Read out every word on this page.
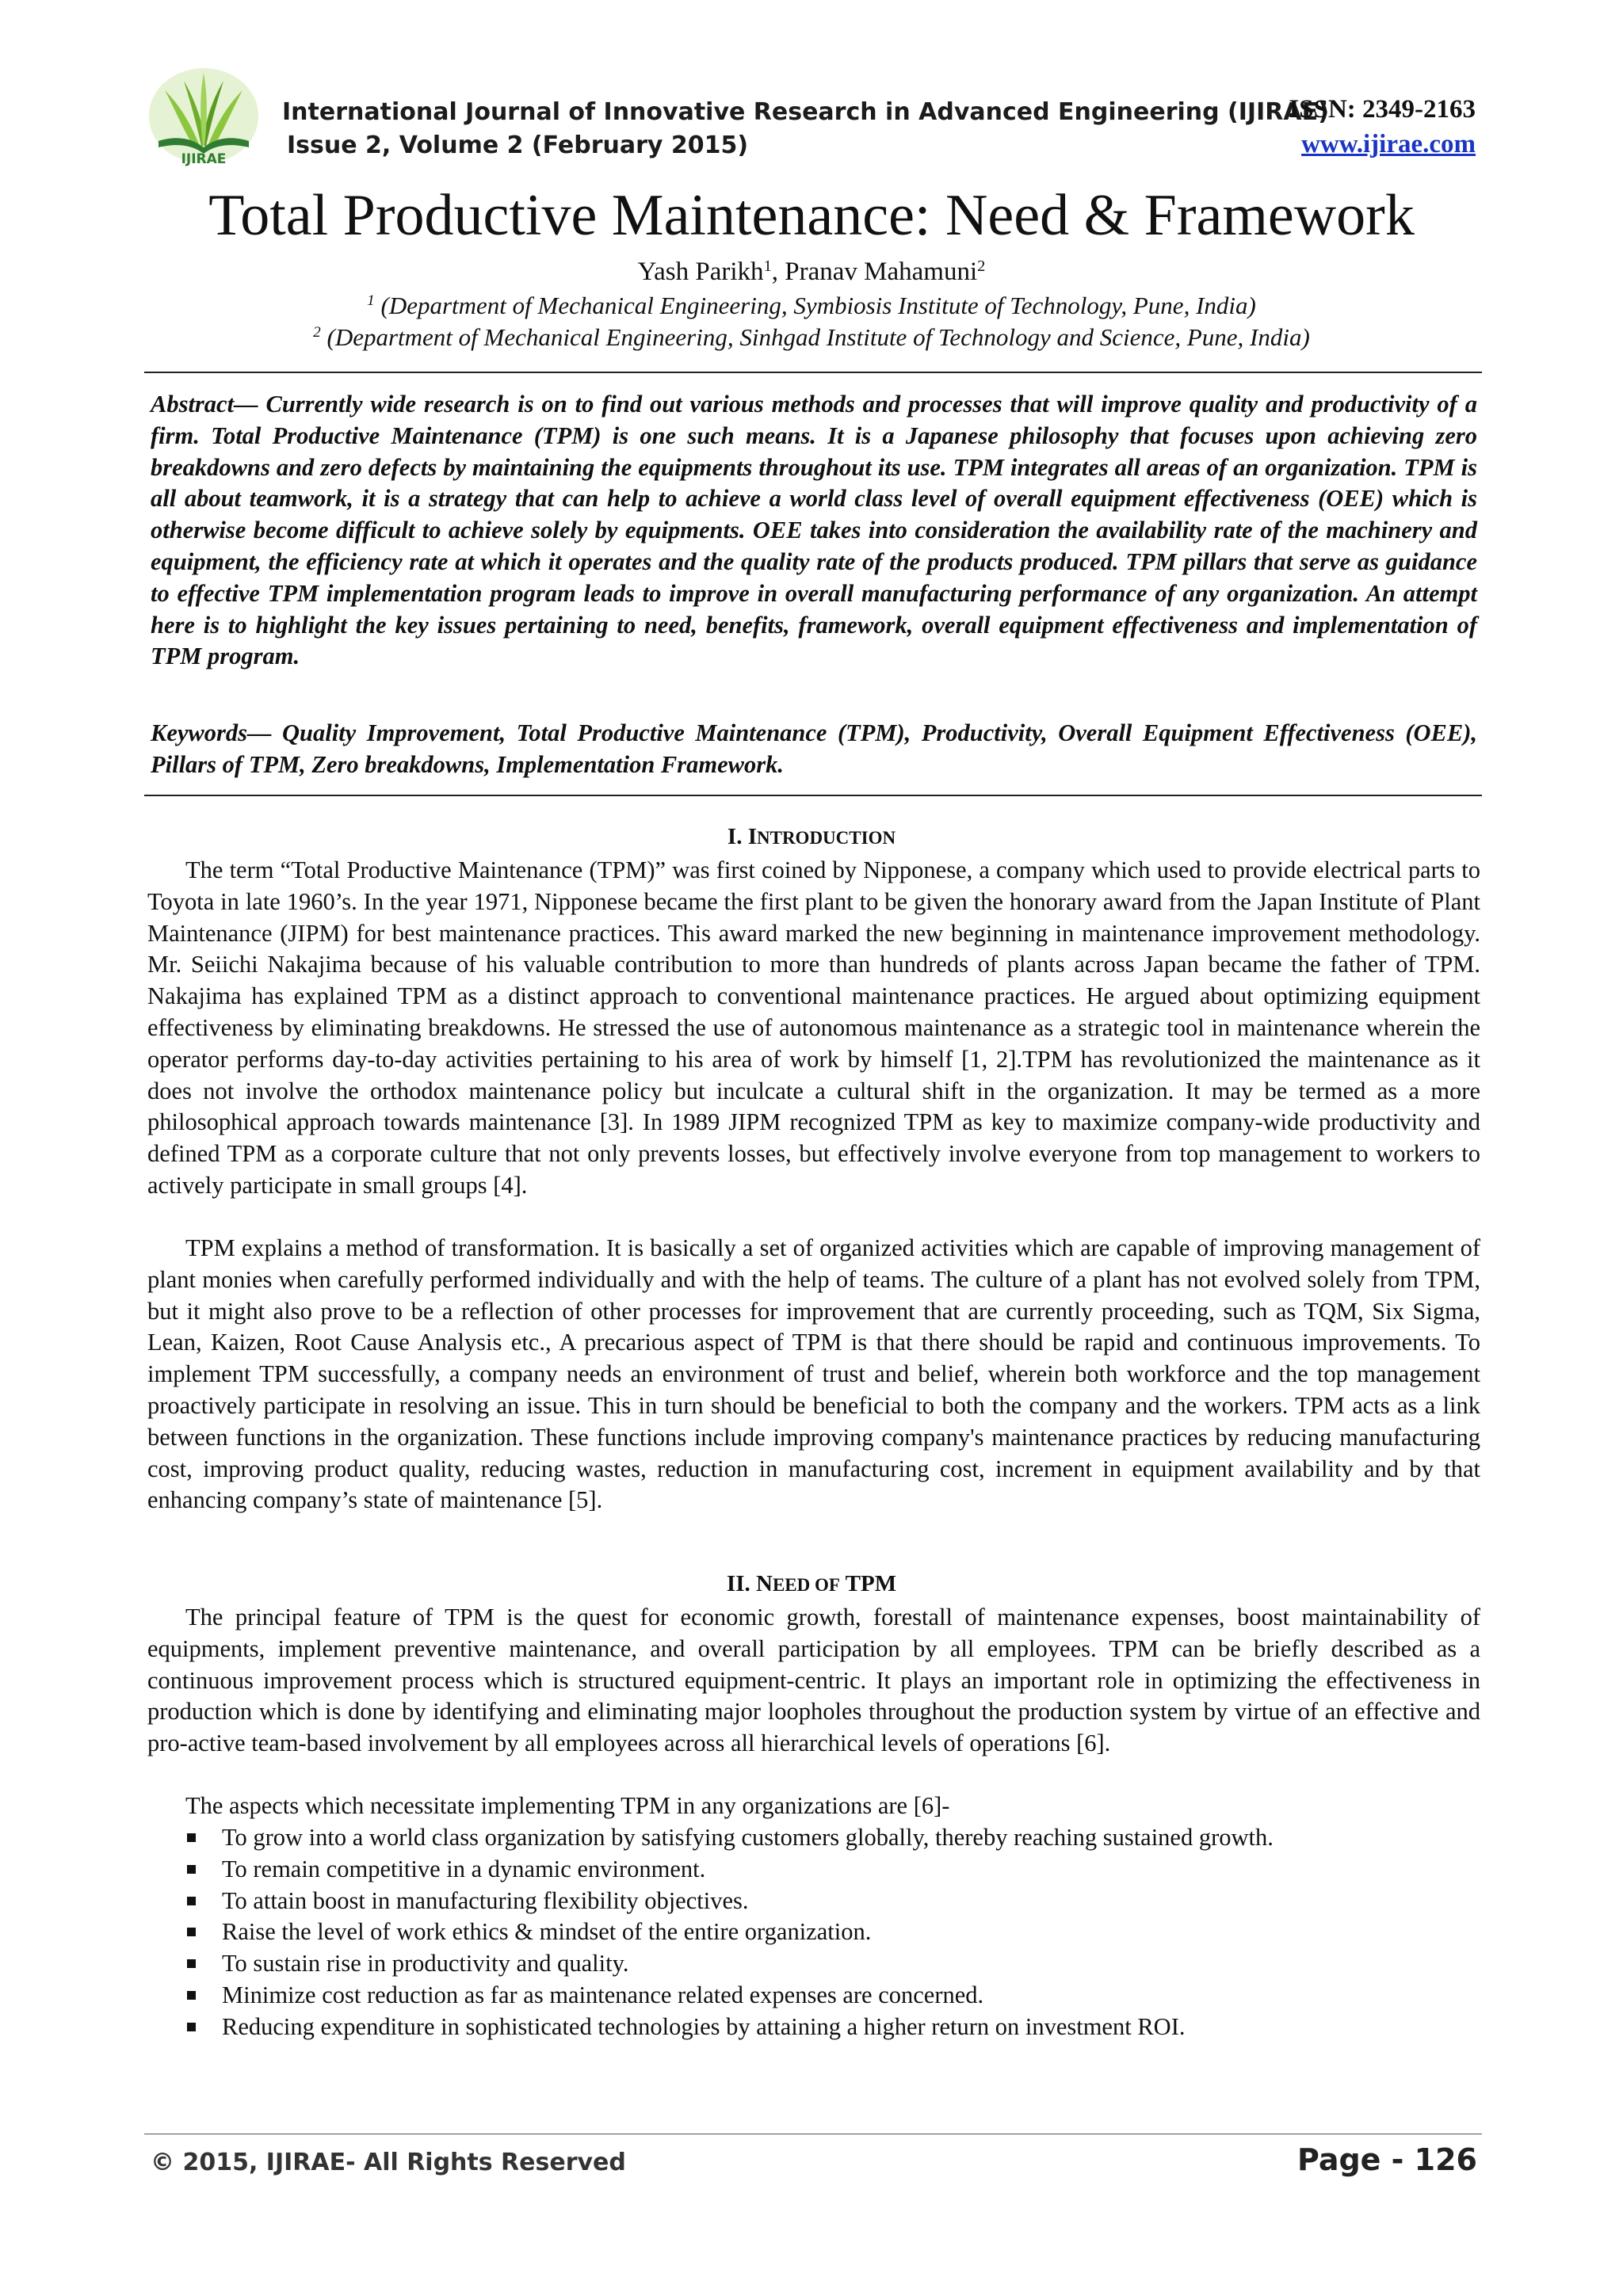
IJIRAE
International Journal of Innovative Research in Advanced Engineering (IJIRAE)
Issue 2, Volume 2 (February 2015)
ISSN: 2349-2163
www.ijirae.com
Total Productive Maintenance: Need & Framework
Yash Parikh$^1$, Pranav Mahamuni$^2$
$^1$ (Department of Mechanical Engineering, Symbiosis Institute of Technology, Pune, India)
$^2$ (Department of Mechanical Engineering, Sinhgad Institute of Technology and Science, Pune, India)
Abstract— Currently wide research is on to find out various methods and processes that will improve quality and productivity of a firm. Total Productive Maintenance (TPM) is one such means. It is a Japanese philosophy that focuses upon achieving zero breakdowns and zero defects by maintaining the equipments throughout its use. TPM integrates all areas of an organization. TPM is all about teamwork, it is a strategy that can help to achieve a world class level of overall equipment effectiveness (OEE) which is otherwise become difficult to achieve solely by equipments. OEE takes into consideration the availability rate of the machinery and equipment, the efficiency rate at which it operates and the quality rate of the products produced. TPM pillars that serve as guidance to effective TPM implementation program leads to improve in overall manufacturing performance of any organization. An attempt here is to highlight the key issues pertaining to need, benefits, framework, overall equipment effectiveness and implementation of TPM program.
Keywords— Quality Improvement, Total Productive Maintenance (TPM), Productivity, Overall Equipment Effectiveness (OEE), Pillars of TPM, Zero breakdowns, Implementation Framework.
I. INTRODUCTION
The term “Total Productive Maintenance (TPM)” was first coined by Nipponese, a company which used to provide electrical parts to Toyota in late 1960’s. In the year 1971, Nipponese became the first plant to be given the honorary award from the Japan Institute of Plant Maintenance (JIPM) for best maintenance practices. This award marked the new beginning in maintenance improvement methodology. Mr. Seiichi Nakajima because of his valuable contribution to more than hundreds of plants across Japan became the father of TPM. Nakajima has explained TPM as a distinct approach to conventional maintenance practices. He argued about optimizing equipment effectiveness by eliminating breakdowns. He stressed the use of autonomous maintenance as a strategic tool in maintenance wherein the operator performs day-to-day activities pertaining to his area of work by himself [1, 2].TPM has revolutionized the maintenance as it does not involve the orthodox maintenance policy but inculcate a cultural shift in the organization. It may be termed as a more philosophical approach towards maintenance [3]. In 1989 JIPM recognized TPM as key to maximize company-wide productivity and defined TPM as a corporate culture that not only prevents losses, but effectively involve everyone from top management to workers to actively participate in small groups [4].
TPM explains a method of transformation. It is basically a set of organized activities which are capable of improving management of plant monies when carefully performed individually and with the help of teams. The culture of a plant has not evolved solely from TPM, but it might also prove to be a reflection of other processes for improvement that are currently proceeding, such as TQM, Six Sigma, Lean, Kaizen, Root Cause Analysis etc., A precarious aspect of TPM is that there should be rapid and continuous improvements. To implement TPM successfully, a company needs an environment of trust and belief, wherein both workforce and the top management proactively participate in resolving an issue. This in turn should be beneficial to both the company and the workers. TPM acts as a link between functions in the organization. These functions include improving company's maintenance practices by reducing manufacturing cost, improving product quality, reducing wastes, reduction in manufacturing cost, increment in equipment availability and by that enhancing company’s state of maintenance [5].
II. NEED OF TPM
The principal feature of TPM is the quest for economic growth, forestall of maintenance expenses, boost maintainability of equipments, implement preventive maintenance, and overall participation by all employees. TPM can be briefly described as a continuous improvement process which is structured equipment-centric. It plays an important role in optimizing the effectiveness in production which is done by identifying and eliminating major loopholes throughout the production system by virtue of an effective and pro-active team-based involvement by all employees across all hierarchical levels of operations [6].
The aspects which necessitate implementing TPM in any organizations are [6]-
To grow into a world class organization by satisfying customers globally, thereby reaching sustained growth.
To remain competitive in a dynamic environment.
To attain boost in manufacturing flexibility objectives.
Raise the level of work ethics & mindset of the entire organization.
To sustain rise in productivity and quality.
Minimize cost reduction as far as maintenance related expenses are concerned.
Reducing expenditure in sophisticated technologies by attaining a higher return on investment ROI.
© 2015, IJIRAE- All Rights Reserved	Page - 126
